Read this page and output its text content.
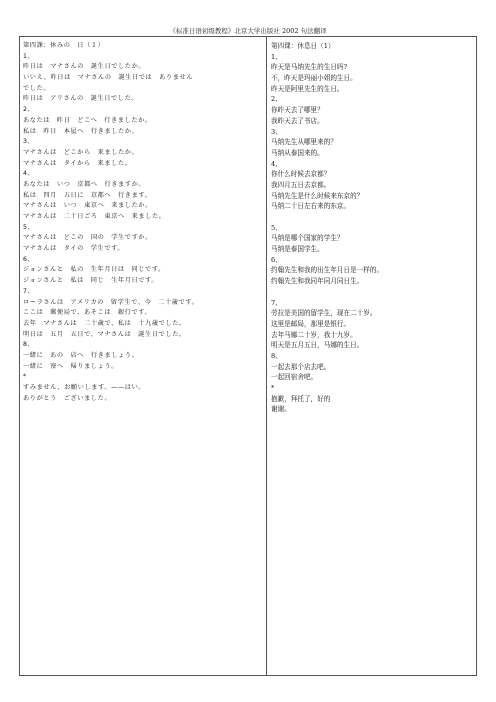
《标准日语初级教程》北京大学出版社 2002 句法翻译
第四課：休みの　日（１）
1、
昨日は　マナさんの　誕生日でしたか。
いいえ、昨日は　マナさんの　誕生日では　ありません
でした。
昨日は　アリさんの　誕生日でした。
2、
あなたは　昨日　どこへ　行きましたか。
私は　昨日　本屋へ　行きましたか。
3、
マナさんは　どこから　来ましたか。
マナさんは　タイから　来ました。
4、
あなたは　いつ　京都へ　行きますか。
私は　四月　五日に　京都へ　行きます。
マナさんは　いつ　東京へ　来ましたか。
マナさんは　二十日ごろ　東京へ　来ました。
5、
マナさんは　どこの　国の　学生ですか。
マナさんは　タイの　学生です。
6、
ジョンさんと　私の　生年月日は　同じです。
ジョンさんと　私は　同じ　生年月日です。
7、
ローラさんは　アメリカの　留学生で、今　二十歳です。
ここは　郵便局で、あそこは　銀行です。
去年　マナさんは　二十歳で、私は　十九歳でした。
明日は　五月　五日で、マナさんは　誕生日でした。
8、
一緒に　あの　店へ　行きましょう。
一緒に　寮へ　帰りましょう。
*
すみません、お願いします。——はい。
ありがとう　ございました。
第四课：休息日（1）
1、
昨天是马纳先生的生日吗?
不，昨天是玛丽小姐的生日。
昨天是阿里先生的生日。
2、
你昨天去了哪里？
我昨天去了书店。
3、
马纳先生从哪里来的？
马纳从泰国来的。
4、
你什么时候去京都？
我四月五日去京都。
马纳先生是什么时候来东京的？
马纳二十日左右来的东京。
5、
马纳是哪个国家的学生？
马纳是泰国学生。
6、
约翰先生和我的出生年月日是一样的。
约翰先生和我同年同月同日生。
7、
劳拉是美国的留学生，现在二十岁。
这里是邮局，那里是银行。
去年马娜二十岁，我十九岁。
明天是五月五日，马娜的生日。
8、
一起去那个店去吧。
一起回宿舍吧。
*
抱歉，拜托了，好的
谢谢。
